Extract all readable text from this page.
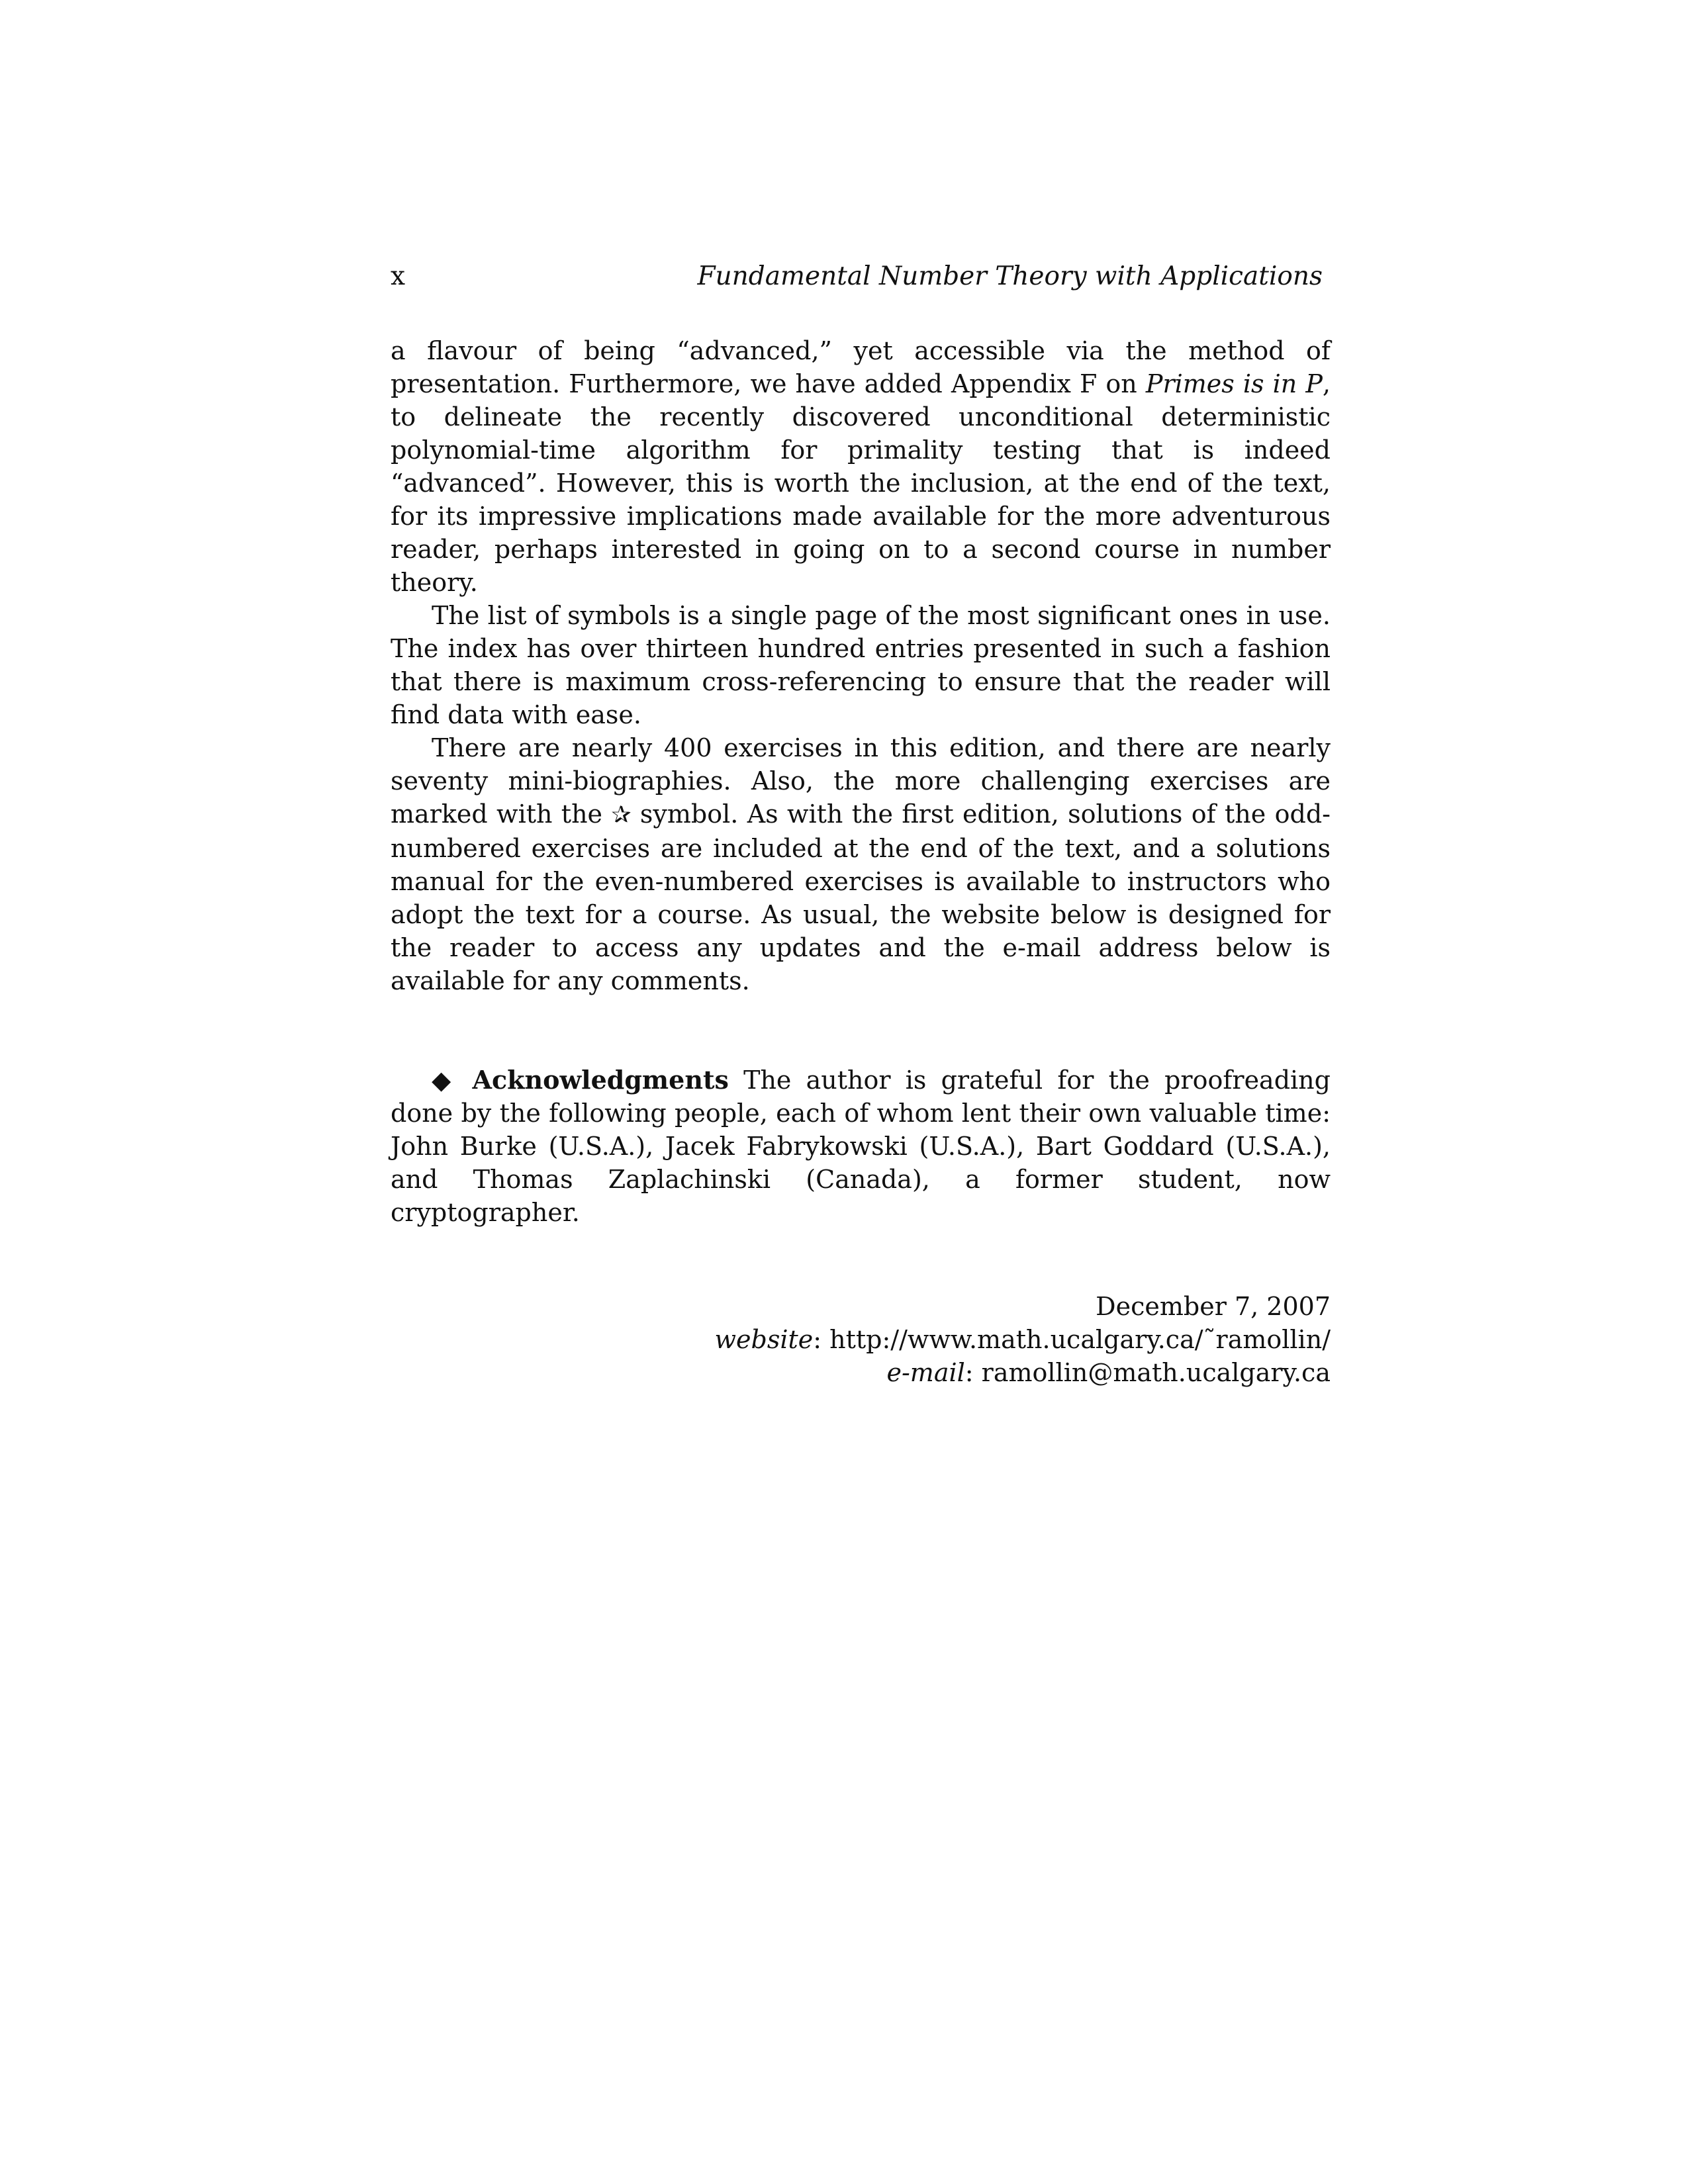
x	Fundamental Number Theory with Applications

a flavour of being “advanced,” yet accessible via the method of presentation. Furthermore, we have added Appendix F on Primes is in P, to delineate the recently discovered unconditional deterministic polynomial-time algorithm for primality testing that is indeed “advanced”. However, this is worth the inclusion, at the end of the text, for its impressive implications made available for the more adventurous reader, perhaps interested in going on to a second course in number theory.

The list of symbols is a single page of the most significant ones in use. The index has over thirteen hundred entries presented in such a fashion that there is maximum cross-referencing to ensure that the reader will find data with ease.

There are nearly 400 exercises in this edition, and there are nearly seventy mini-biographies. Also, the more challenging exercises are marked with the ✰ symbol. As with the first edition, solutions of the odd-numbered exercises are included at the end of the text, and a solutions manual for the even-numbered exercises is available to instructors who adopt the text for a course. As usual, the website below is designed for the reader to access any updates and the e-mail address below is available for any comments.

◆ Acknowledgments The author is grateful for the proofreading done by the following people, each of whom lent their own valuable time: John Burke (U.S.A.), Jacek Fabrykowski (U.S.A.), Bart Goddard (U.S.A.), and Thomas Zaplachinski (Canada), a former student, now cryptographer.

December 7, 2007
website: http://www.math.ucalgary.ca/˜ramollin/
e-mail: ramollin@math.ucalgary.ca
